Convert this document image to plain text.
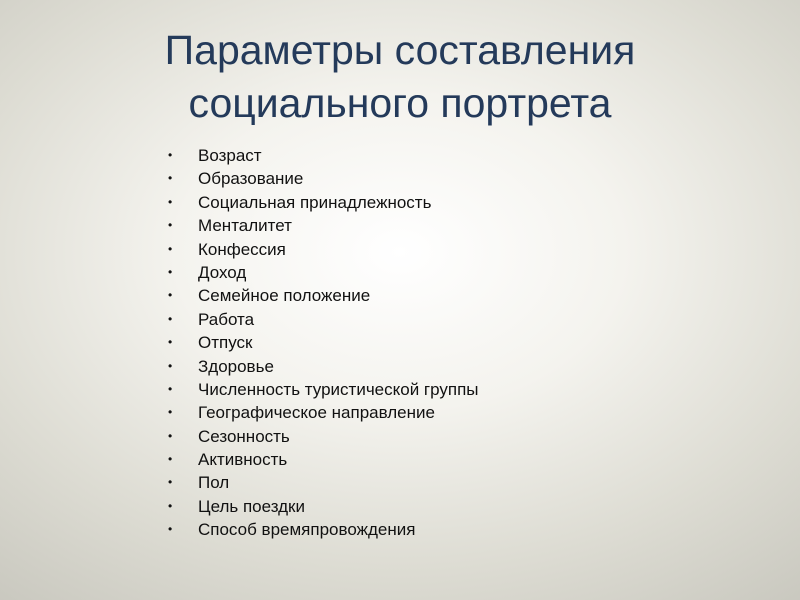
Параметры составления
социального портрета
• Возраст
• Образование
• Социальная принадлежность
• Менталитет
• Конфессия
• Доход
• Семейное положение
• Работа
• Отпуск
• Здоровье
• Численность туристической группы
• Географическое направление
• Сезонность
• Активность
• Пол
• Цель поездки
• Способ времяпровождения
